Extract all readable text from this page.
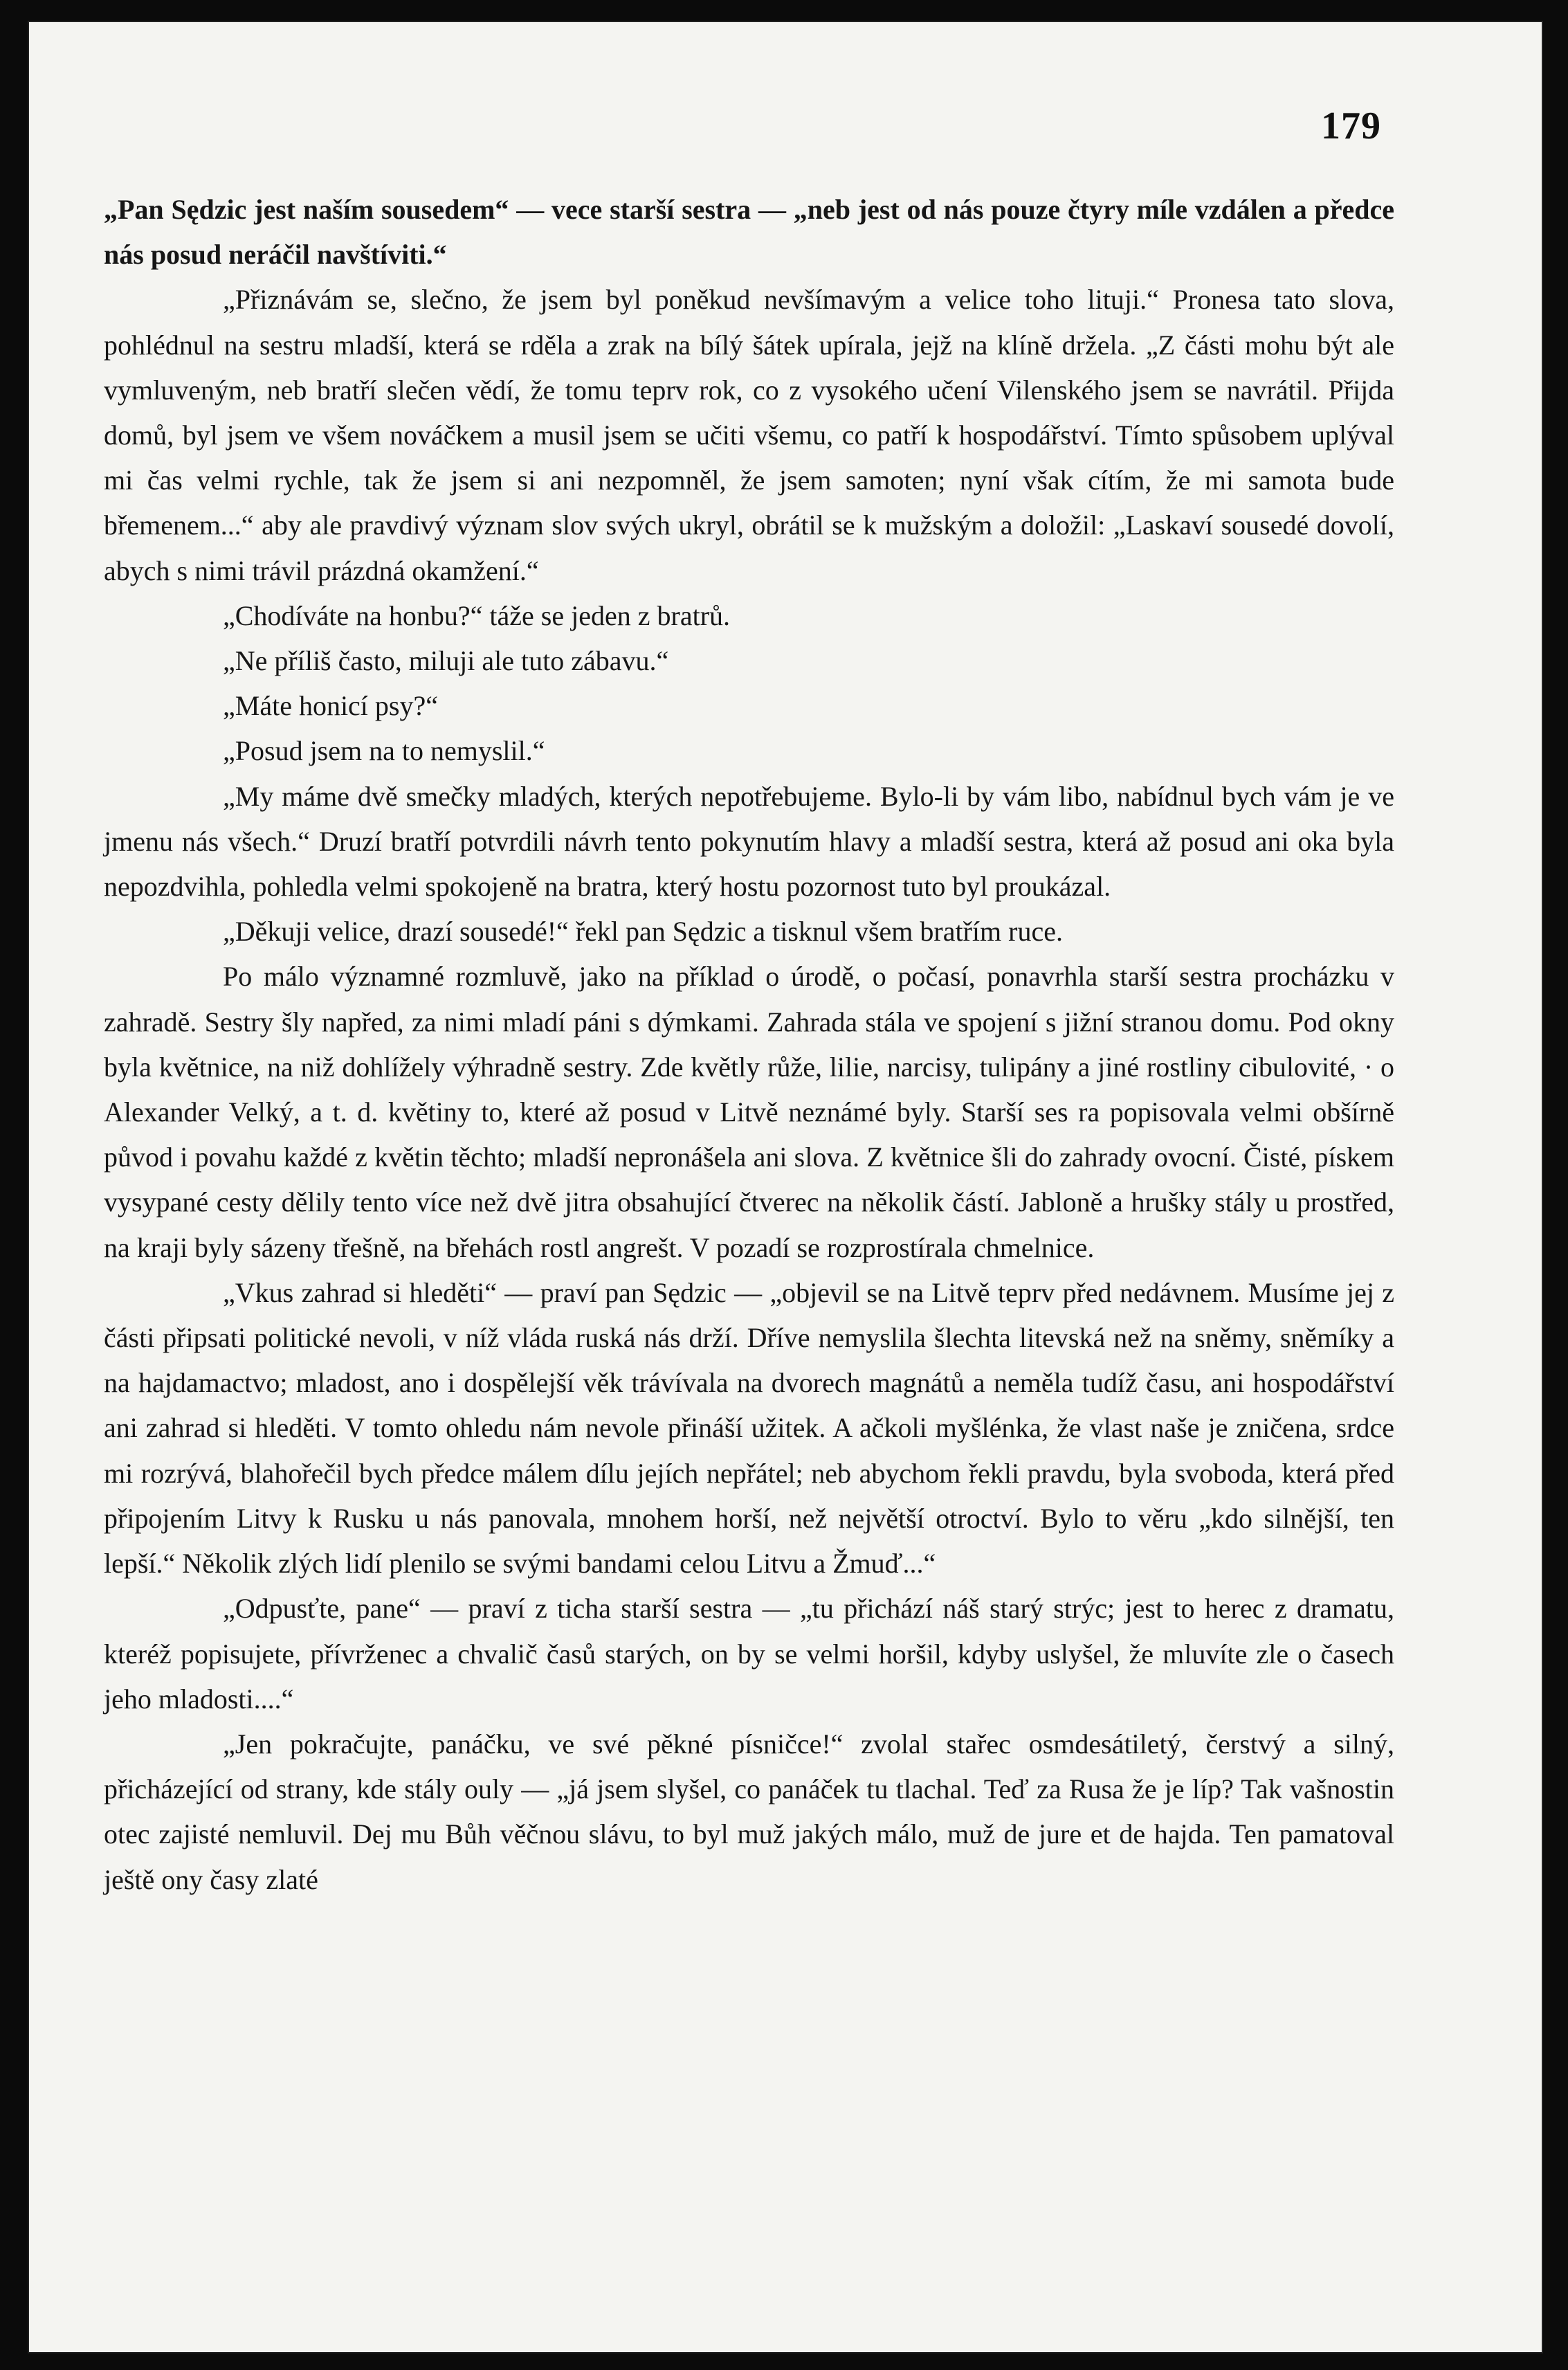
179

„Pan Sędzic jest naším sousedem“ — vece starší sestra — „neb jest od nás pouze čtyry míle vzdálen a předce nás posud neráčil navštíviti.“

„Přiznávám se, slečno, že jsem byl poněkud nevšímavým a velice toho lituji.“ Pronesa tato slova, pohlédnul na sestru mladší, která se rděla a zrak na bílý šátek upírala, jejž na klíně držela. „Z části mohu být ale vymluveným, neb bratří slečen vědí, že tomu teprv rok, co z vysokého učení Vilenského jsem se navrátil. Přijda domů, byl jsem ve všem nováčkem a musil jsem se učiti všemu, co patří k hospodářství. Tímto spůsobem uplýval mi čas velmi rychle, tak že jsem si ani nezpomněl, že jsem samoten; nyní však cítím, že mi samota bude břemenem...“ aby ale pravdivý význam slov svých ukryl, obrátil se k mužským a doložil: „Laskaví sousedé dovolí, abych s nimi trávil prázdná okamžení.“

„Chodíváte na honbu?“ táže se jeden z bratrů.

„Ne příliš často, miluji ale tuto zábavu.“

„Máte honicí psy?“

„Posud jsem na to nemyslil.“

„My máme dvě smečky mladých, kterých nepotřebujeme. Bylo-li by vám libo, nabídnul bych vám je ve jmenu nás všech.“ Druzí bratří potvrdili návrh tento pokynutím hlavy a mladší sestra, která až posud ani oka byla nepozdvihla, pohledla velmi spokojeně na bratra, který hostu pozornost tuto byl proukázal.

„Děkuji velice, drazí sousedé!“ řekl pan Sędzic a tisknul všem bratřím ruce.

Po málo významné rozmluvě, jako na příklad o úrodě, o počasí, ponavrhla starší sestra procházku v zahradě. Sestry šly napřed, za nimi mladí páni s dýmkami. Zahrada stála ve spojení s jižní stranou domu. Pod okny byla květnice, na niž dohlížely výhradně sestry. Zde květly růže, lilie, narcisy, tulipány a jiné rostliny cibulovité, · o Alexander Velký, a t. d. květiny to, které až posud v Litvě neznámé byly. Starší ses ra popisovala velmi obšírně původ i povahu každé z květin těchto; mladší nepronášela ani slova. Z květnice šli do zahrady ovocní. Čisté, pískem vysypané cesty dělily tento více než dvě jitra obsahující čtverec na několik částí. Jabloně a hrušky stály u prostřed, na kraji byly sázeny třešně, na břehách rostl angrešt. V pozadí se rozprostírala chmelnice.

„Vkus zahrad si hleděti“ — praví pan Sędzic — „objevil se na Litvě teprv před nedávnem. Musíme jej z části připsati politické nevoli, v níž vláda ruská nás drží. Dříve nemyslila šlechta litevská než na sněmy, sněmíky a na hajdamactvo; mladost, ano i dospělejší věk trávívala na dvorech magnátů a neměla tudíž času, ani hospodářství ani zahrad si hleděti. V tomto ohledu nám nevole přináší užitek. A ačkoli myšlénka, že vlast naše je zničena, srdce mi rozrývá, blahořečil bych předce málem dílu jejích nepřátel; neb abychom řekli pravdu, byla svoboda, která před připojením Litvy k Rusku u nás panovala, mnohem horší, než největší otroctví. Bylo to věru „kdo silnější, ten lepší.“ Několik zlých lidí plenilo se svými bandami celou Litvu a Žmuď...“

„Odpusťte, pane“ — praví z ticha starší sestra — „tu přichází náš starý strýc; jest to herec z dramatu, kteréž popisujete, přívrženec a chvalič časů starých, on by se velmi horšil, kdyby uslyšel, že mluvíte zle o časech jeho mladosti....“

„Jen pokračujte, panáčku, ve své pěkné písničce!“ zvolal stařec osmdesátiletý, čerstvý a silný, přicházející od strany, kde stály ouly — „já jsem slyšel, co panáček tu tlachal. Teď za Rusa že je líp? Tak vašnostin otec zajisté nemluvil. Dej mu Bůh věčnou slávu, to byl muž jakých málo, muž de jure et de hajda. Ten pamatoval ještě ony časy zlaté
